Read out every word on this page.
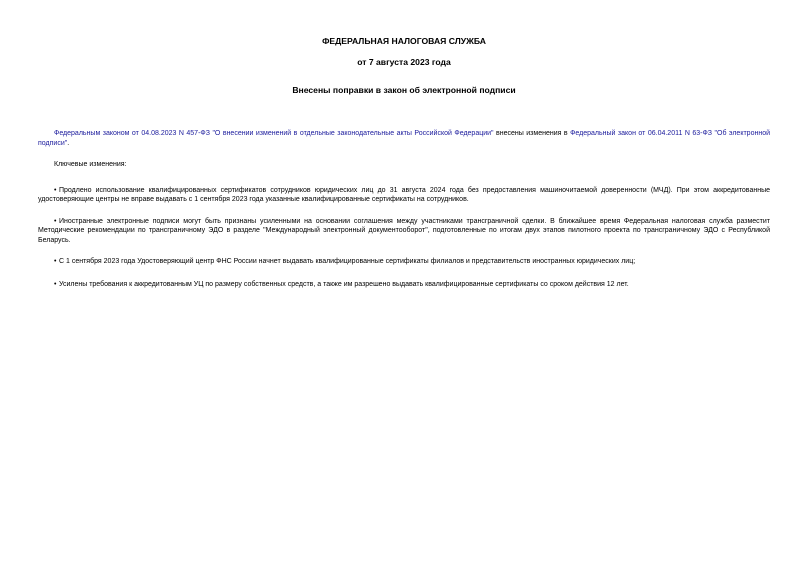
ФЕДЕРАЛЬНАЯ НАЛОГОВАЯ СЛУЖБА

от 7 августа 2023 года

Внесены поправки в закон об электронной подписи

Федеральным законом от 04.08.2023 N 457-ФЗ "О внесении изменений в отдельные законодательные акты Российской Федерации" внесены изменения в Федеральный закон от 06.04.2011 N 63-ФЗ "Об электронной подписи".

Ключевые изменения:

• Продлено использование квалифицированных сертификатов сотрудников юридических лиц до 31 августа 2024 года без предоставления машиночитаемой доверенности (МЧД). При этом аккредитованные удостоверяющие центры не вправе выдавать с 1 сентября 2023 года указанные квалифицированные сертификаты на сотрудников.

• Иностранные электронные подписи могут быть признаны усиленными на основании соглашения между участниками трансграничной сделки. В ближайшее время Федеральная налоговая служба разместит Методические рекомендации по трансграничному ЭДО в разделе "Международный электронный документооборот", подготовленные по итогам двух этапов пилотного проекта по трансграничному ЭДО с Республикой Беларусь.

• С 1 сентября 2023 года Удостоверяющий центр ФНС России начнет выдавать квалифицированные сертификаты филиалов и представительств иностранных юридических лиц;

• Усилены требования к аккредитованным УЦ по размеру собственных средств, а также им разрешено выдавать квалифицированные сертификаты со сроком действия 12 лет.
